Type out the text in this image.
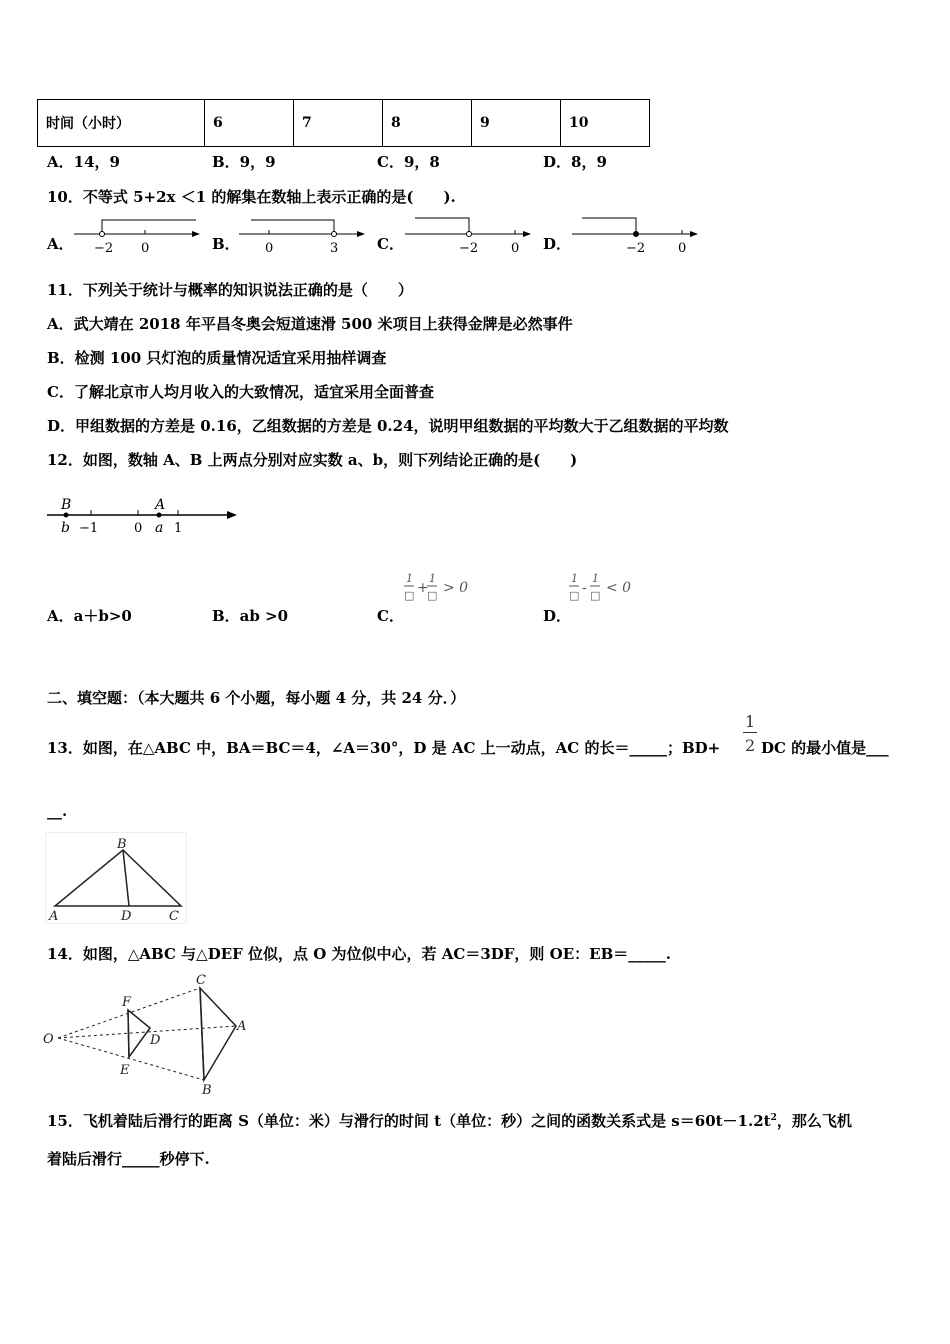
时间（小时）	6	7	8	9	10
A．14，9	B．9，9	C．9，8	D．8，9
10．不等式 5+2x ＜1 的解集在数轴上表示正确的是(　　).
A． −2 0	B． 0	3	C．	−2	0 D．	−2	0
11．下列关于统计与概率的知识说法正确的是（　　）
A．武大靖在 2018 年平昌冬奥会短道速滑 500 米项目上获得金牌是必然事件
B．检测 100 只灯泡的质量情况适宜采用抽样调查
C．了解北京市人均月收入的大致情况，适宜采用全面普查
D．甲组数据的方差是 0.16，乙组数据的方差是 0.24，说明甲组数据的平均数大于乙组数据的平均数
12．如图，数轴 A、B 上两点分别对应实数 a、b，则下列结论正确的是(　　)
B	A
b −1	0 a 1
A．a＋b>0	B．ab >0	C．	D．
1
□ +
1
□ > 0
1
□ -
1
□ < 0
二、填空题：（本大题共 6 个小题，每小题 4 分，共 24 分．）
13．如图，在△ABC 中，BA＝BC＝4，∠A＝30°，D 是 AC 上一动点，AC 的长＝_____；BD+
1
2 DC 的最小值是___
__.
B
A	D	C
14．如图，△ABC 与△DEF 位似，点 O 为位似中心，若 AC＝3DF，则 OE：EB＝_____.
C
F
O	D
A
E
B
15．飞机着陆后滑行的距离 S（单位：米）与滑行的时间 t（单位：秒）之间的函数关系式是 $s=60t-1.2t^2$，那么飞机
着陆后滑行_____秒停下.
